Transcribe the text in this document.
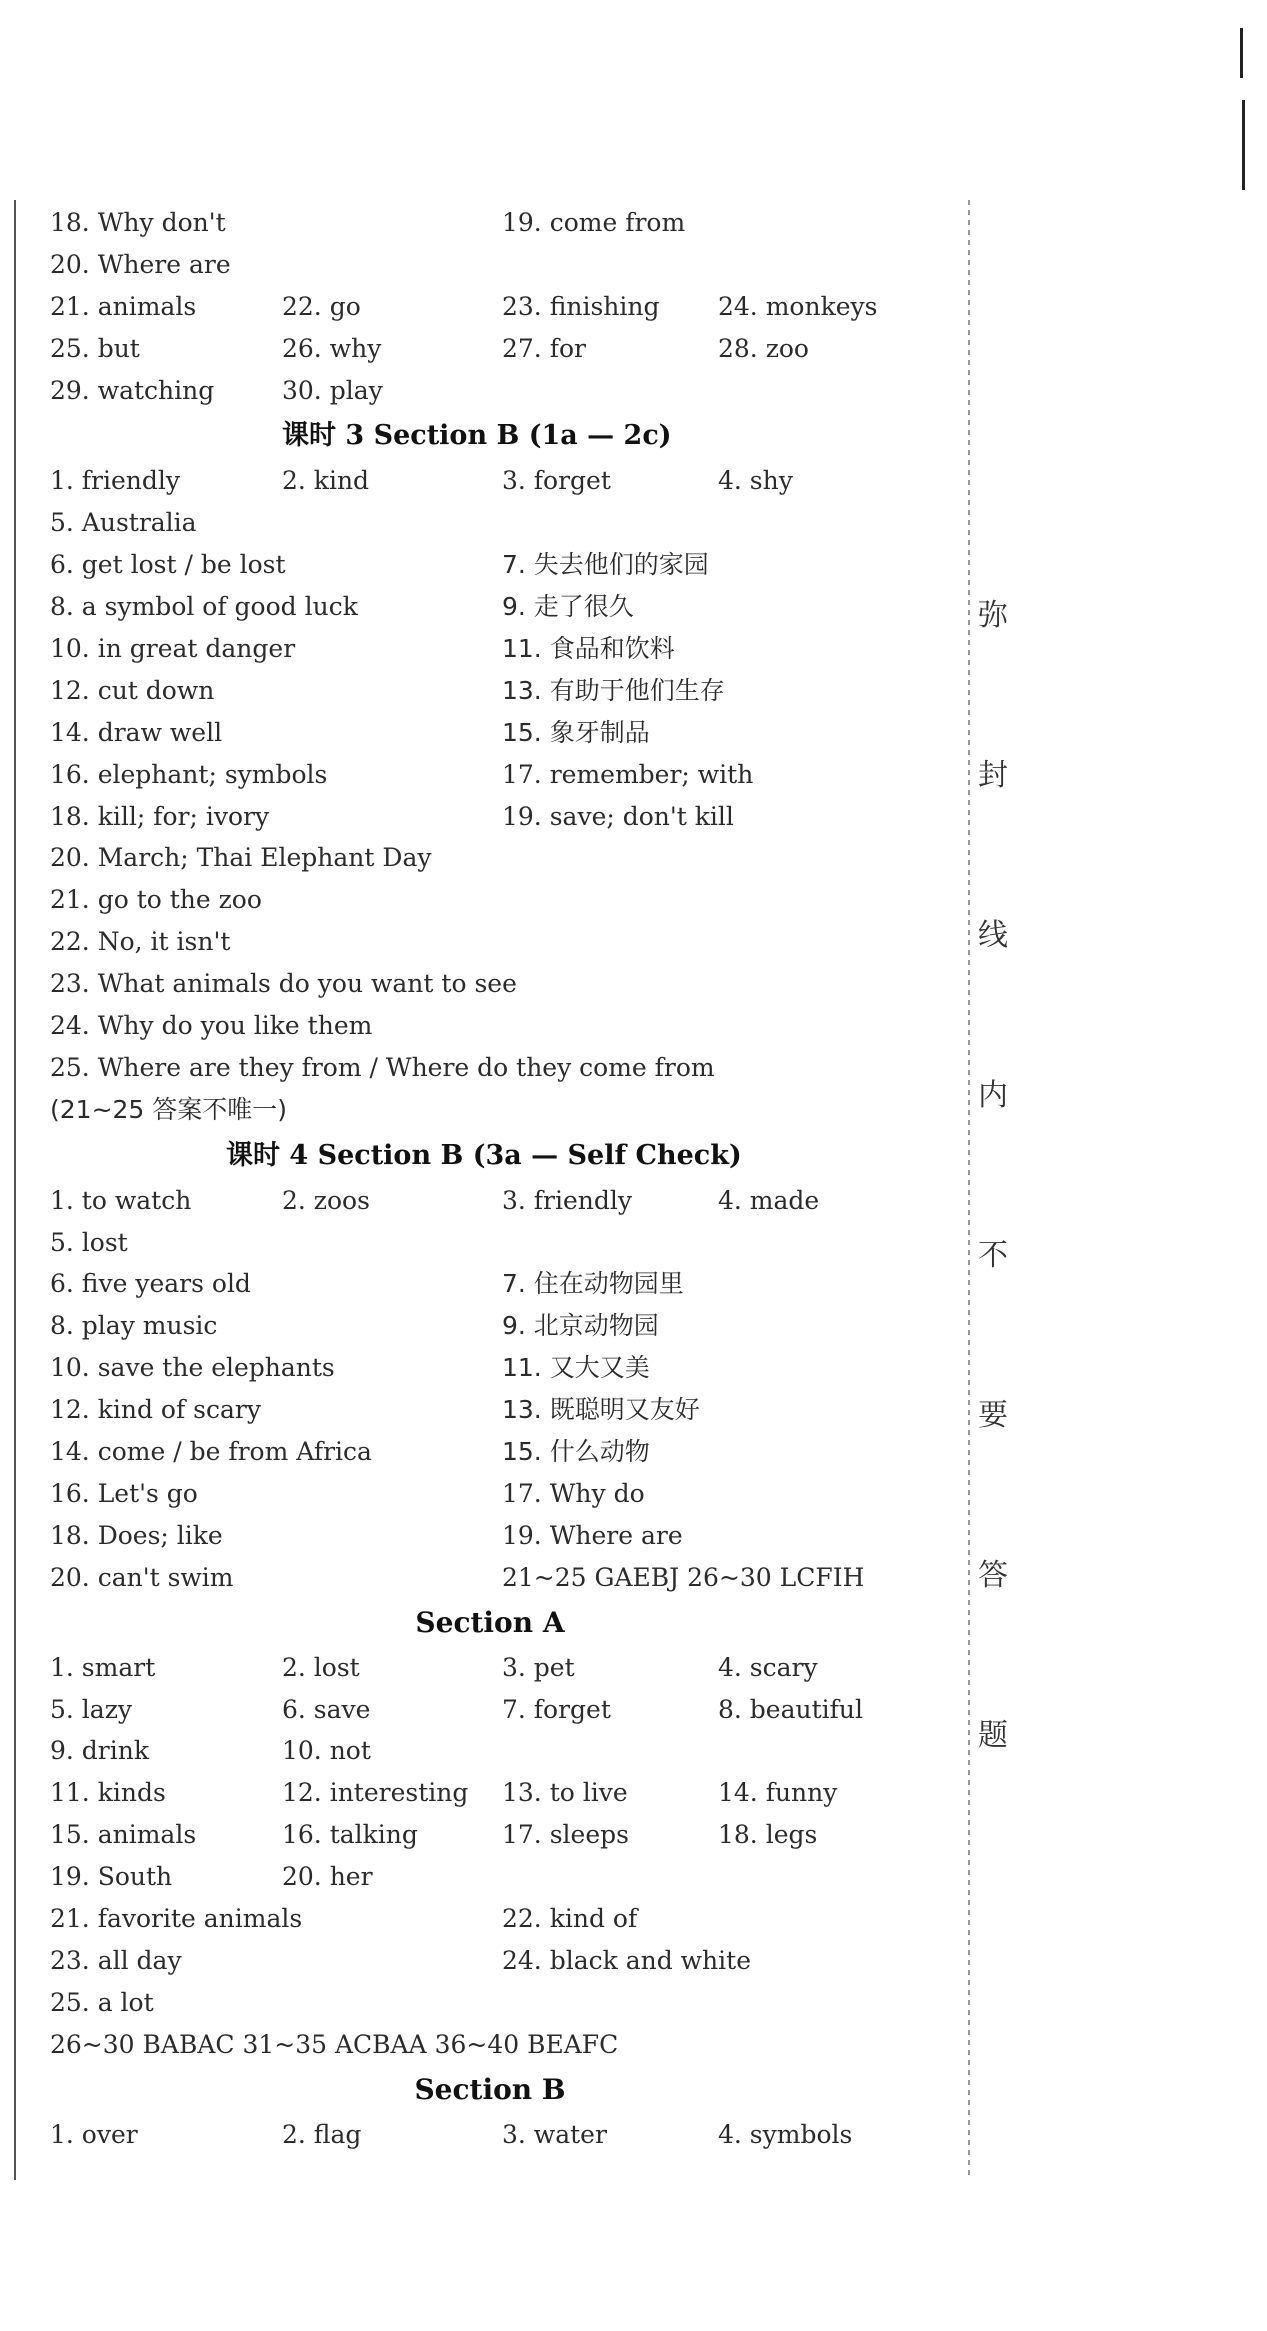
18. Why don't	19. come from
20. Where are
21. animals	22. go	23. finishing 24. monkeys
25. but	26. why	27. for	28. zoo
29. watching	30. play
课时 3 Section B (1a — 2c)
1. friendly	2. kind	3. forget	4. shy
5. Australia
6. get lost / be lost	7. 失去他们的家园
8. a symbol of good luck	9. 走了很久
10. in great danger	11. 食品和饮料
12. cut down	13. 有助于他们生存
14. draw well	15. 象牙制品
16. elephant; symbols	17. remember; with
18. kill; for; ivory	19. save; don't kill
20. March; Thai Elephant Day
21. go to the zoo
22. No, it isn't
23. What animals do you want to see
24. Why do you like them
25. Where are they from / Where do they come from
(21~25 答案不唯一)
课时 4 Section B (3a — Self Check)
1. to watch	2. zoos	3. friendly	4. made
5. lost
6. five years old	7. 住在动物园里
8. play music	9. 北京动物园
10. save the elephants	11. 又大又美
12. kind of scary	13. 既聪明又友好
14. come / be from Africa	15. 什么动物
16. Let's go	17. Why do
18. Does; like	19. Where are
20. can't swim	21~25 GAEBJ 26~30 LCFIH
Section A
1. smart	2. lost	3. pet	4. scary
5. lazy	6. save	7. forget	8. beautiful
9. drink	10. not
11. kinds	12. interesting 13. to live	14. funny
15. animals	16. talking	17. sleeps	18. legs
19. South	20. her
21. favorite animals	22. kind of
23. all day	24. black and white
25. a lot
26~30 BABAC 31~35 ACBAA 36~40 BEAFC
Section B
1. over	2. flag	3. water	4. symbols
弥
封
线
内
不
要
答
题
